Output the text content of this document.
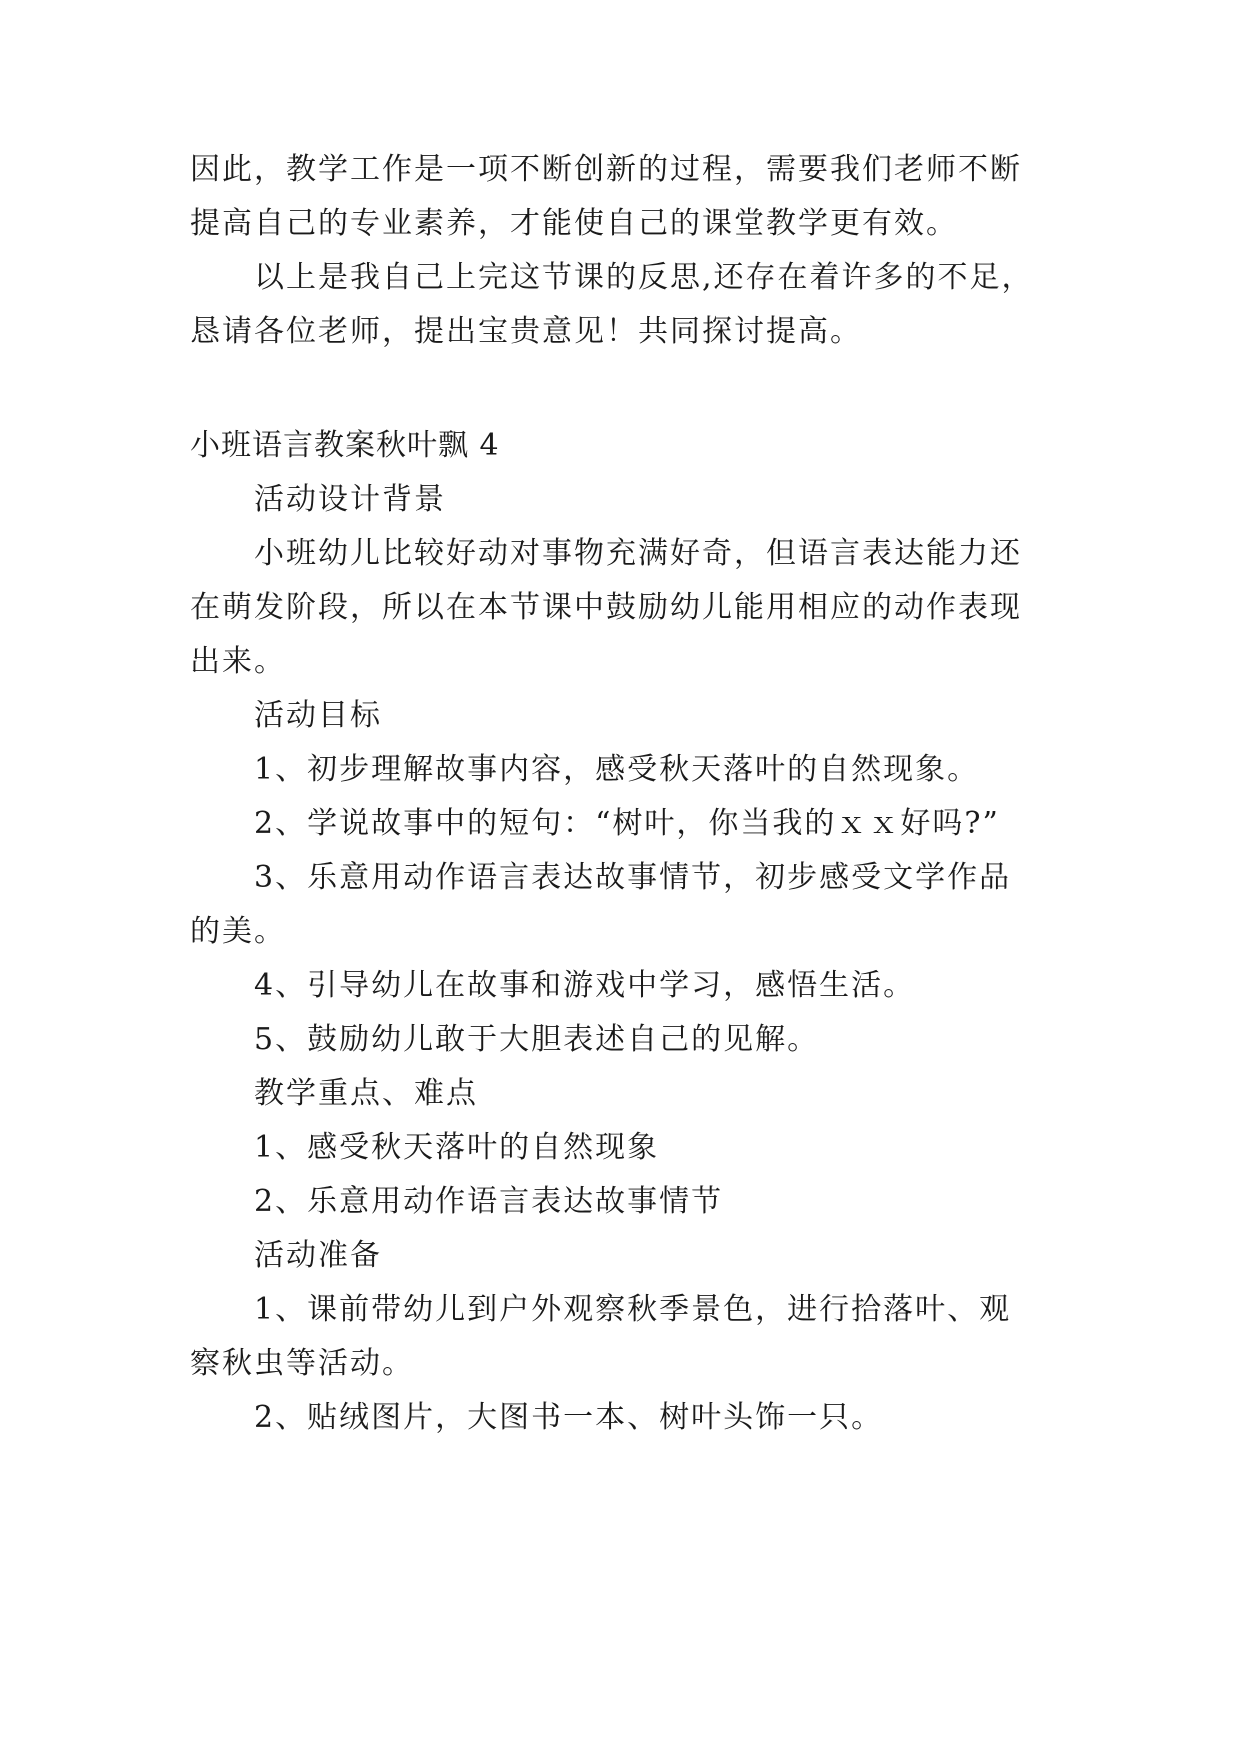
因此，教学工作是一项不断创新的过程，需要我们老师不断

提高自己的专业素养，才能使自己的课堂教学更有效。

以上是我自己上完这节课的反思,还存在着许多的不足，

恳请各位老师，提出宝贵意见！共同探讨提高。

小班语言教案秋叶飘 4

活动设计背景

小班幼儿比较好动对事物充满好奇，但语言表达能力还

在萌发阶段，所以在本节课中鼓励幼儿能用相应的动作表现

出来。

活动目标

1、初步理解故事内容，感受秋天落叶的自然现象。

2、学说故事中的短句：“树叶，你当我的ｘｘ好吗?”

3、乐意用动作语言表达故事情节，初步感受文学作品

的美。

4、引导幼儿在故事和游戏中学习，感悟生活。

5、鼓励幼儿敢于大胆表述自己的见解。

教学重点、难点

1、感受秋天落叶的自然现象

2、乐意用动作语言表达故事情节

活动准备

1、课前带幼儿到户外观察秋季景色，进行拾落叶、观

察秋虫等活动。

2、贴绒图片，大图书一本、树叶头饰一只。
